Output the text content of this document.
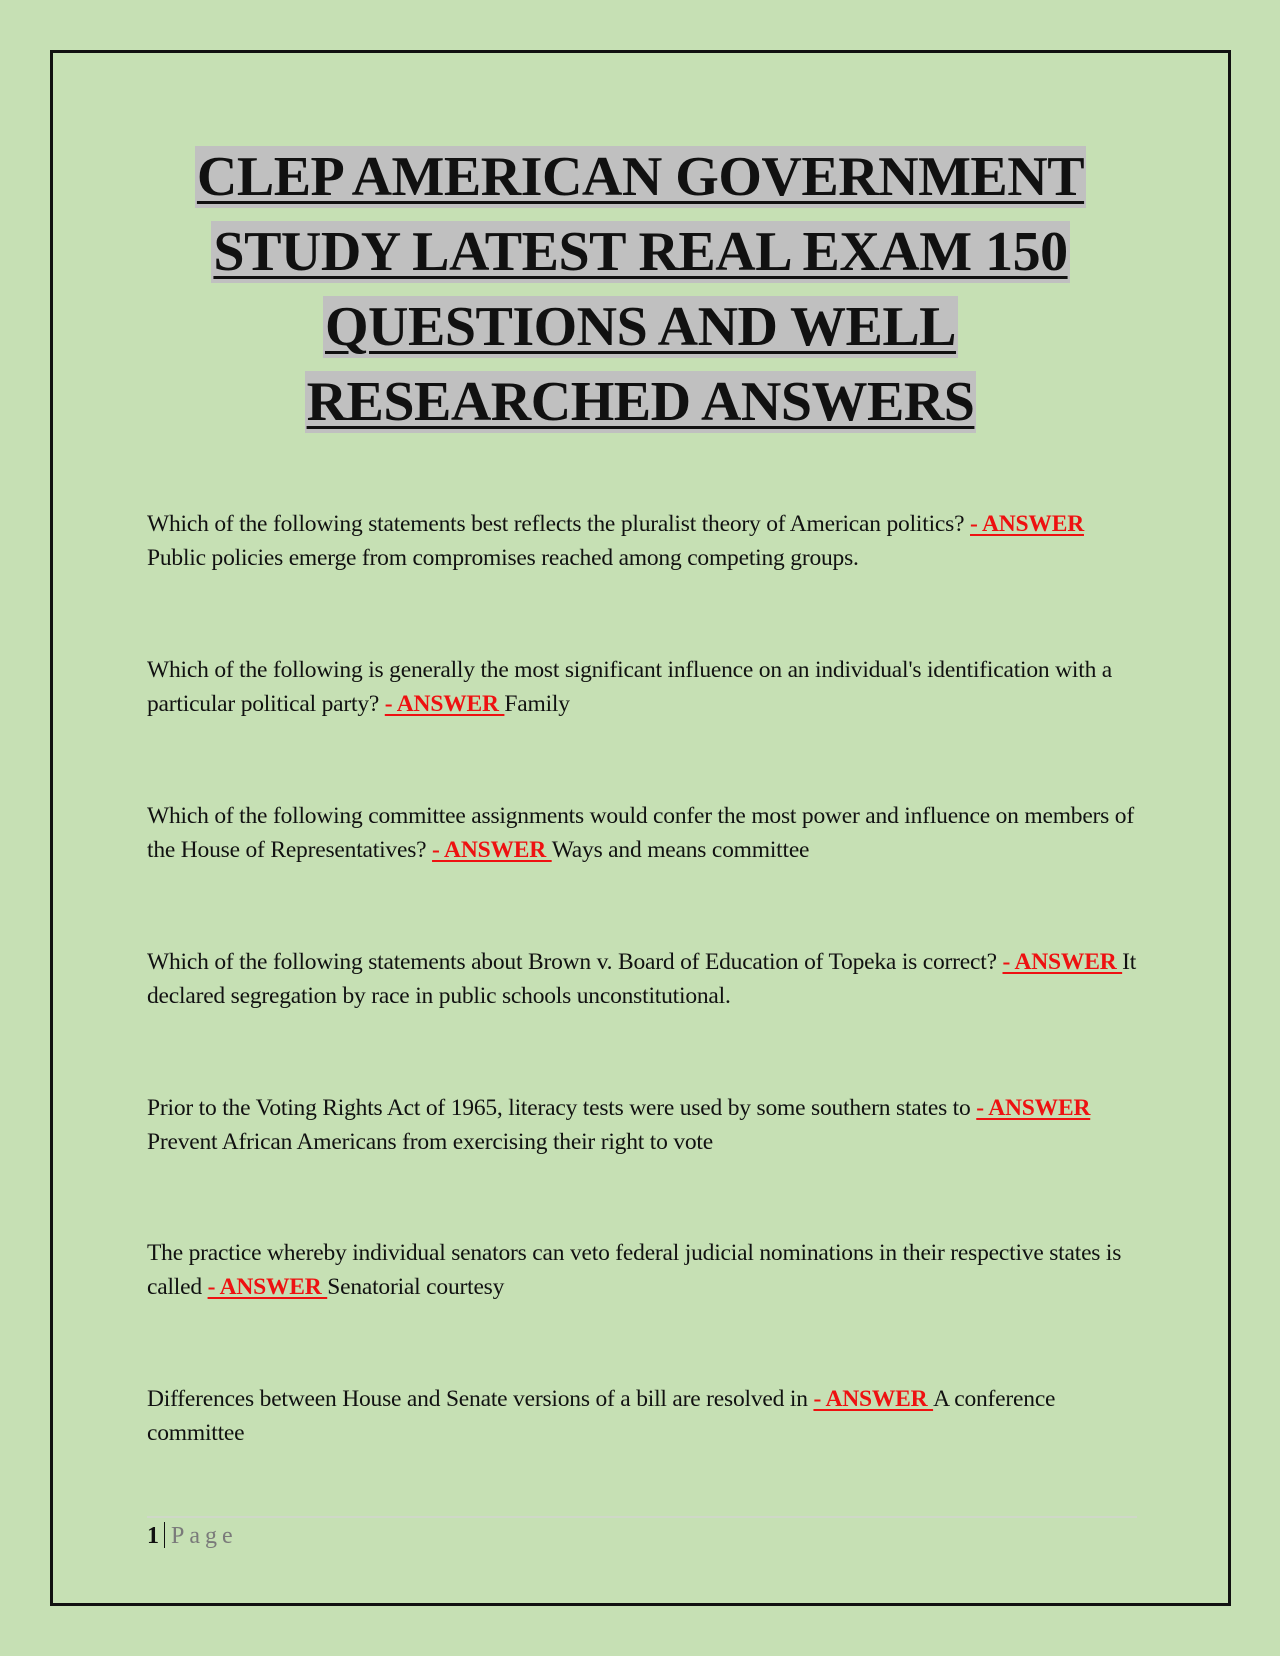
CLEP AMERICAN GOVERNMENT
STUDY LATEST REAL EXAM 150
QUESTIONS AND WELL
RESEARCHED ANSWERS
Which of the following statements best reflects the pluralist theory of American politics? - ANSWER Public policies emerge from compromises reached among competing groups.
Which of the following is generally the most significant influence on an individual's identification with a particular political party? - ANSWER Family
Which of the following committee assignments would confer the most power and influence on members of the House of Representatives? - ANSWER Ways and means committee
Which of the following statements about Brown v. Board of Education of Topeka is correct? - ANSWER It declared segregation by race in public schools unconstitutional.
Prior to the Voting Rights Act of 1965, literacy tests were used by some southern states to - ANSWER Prevent African Americans from exercising their right to vote
The practice whereby individual senators can veto federal judicial nominations in their respective states is called - ANSWER Senatorial courtesy
Differences between House and Senate versions of a bill are resolved in - ANSWER A conference committee
1 Page
